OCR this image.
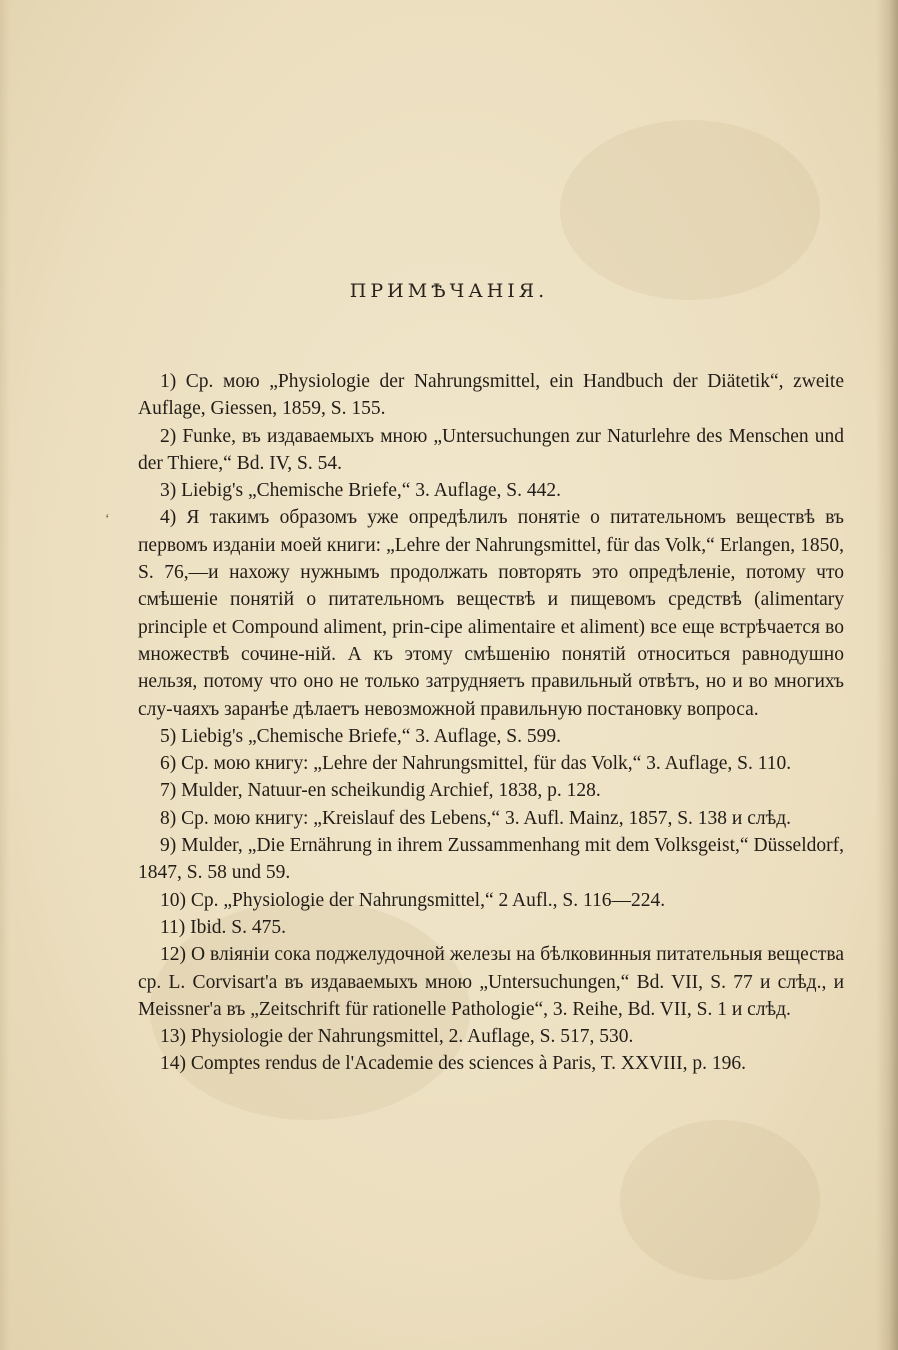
ПРИМѢЧАНІЯ.
ʻ

1) Ср. мою „Physiologie der Nahrungsmittel, ein Handbuch der Diätetik“, zweite Auflage, Giessen, 1859, S. 155.

2) Funke, въ издаваемыхъ мною „Untersuchungen zur Naturlehre des Menschen und der Thiere,“ Bd. IV, S. 54.

3) Liebig's „Chemische Briefe,“ 3. Auflage, S. 442.

4) Я такимъ образомъ уже опредѣлилъ понятіе о питательномъ веществѣ въ первомъ изданіи моей книги: „Lehre der Nahrungsmittel, für das Volk,“ Erlangen, 1850, S. 76,—и нахожу нужнымъ продолжать повторять это опредѣленіе, потому что смѣшеніе понятій о питательномъ веществѣ и пищевомъ средствѣ (alimentary principle et Compound aliment, prin-cipe alimentaire et aliment) все еще встрѣчается во множествѣ сочине-ній. А къ этому смѣшенію понятій относиться равнодушно нельзя, потому что оно не только затрудняетъ правильный отвѣтъ, но и во многихъ слу-чаяхъ заранѣе дѣлаетъ невозможной правильную постановку вопроса.

5) Liebig's „Chemische Briefe,“ 3. Auflage, S. 599.

6) Ср. мою книгу: „Lehre der Nahrungsmittel, für das Volk,“ 3. Auflage, S. 110.

7) Mulder, Natuur-en scheikundig Archief, 1838, p. 128.

8) Ср. мою книгу: „Kreislauf des Lebens,“ 3. Aufl. Mainz, 1857, S. 138 и слѣд.

9) Mulder, „Die Ernährung in ihrem Zussammenhang mit dem Volksgeist,“ Düsseldorf, 1847, S. 58 und 59.

10) Ср. „Physiologie der Nahrungsmittel,“ 2 Aufl., S. 116—224.

11) Ibid. S. 475.

12) О вліяніи сока поджелудочной железы на бѣлковинныя питательныя вещества ср. L. Corvisart'a въ издаваемыхъ мною „Untersuchungen,“ Bd. VII, S. 77 и слѣд., и Meissner'a въ „Zeitschrift für rationelle Pathologie“, 3. Reihe, Bd. VII, S. 1 и слѣд.

13) Physiologie der Nahrungsmittel, 2. Auflage, S. 517, 530.

14) Comptes rendus de l'Academie des sciences à Paris, T. XXVIII, p. 196.
